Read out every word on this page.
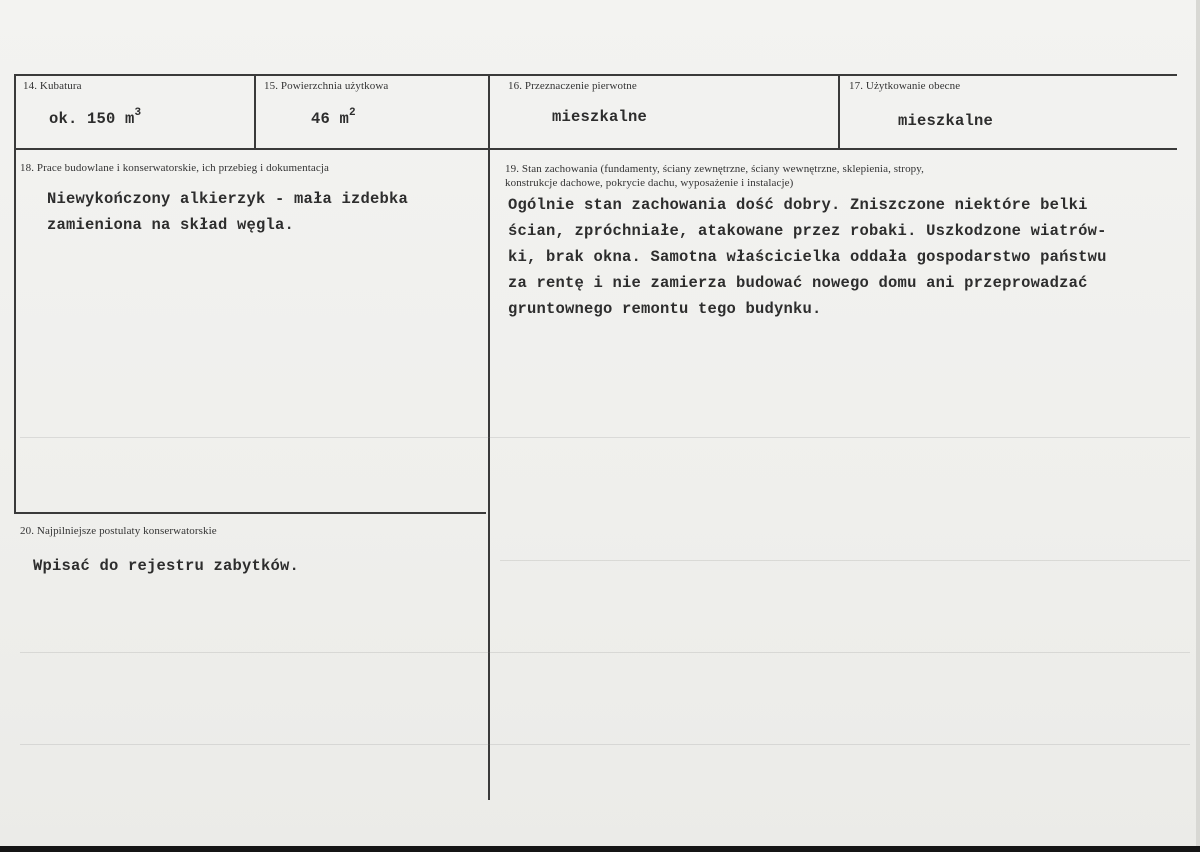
14. Kubatura
ok. 150 $m^3$
15. Powierzchnia użytkowa
46 $m^2$
16. Przeznaczenie pierwotne
mieszkalne
17. Użytkowanie obecne
mieszkalne
18. Prace budowlane i konserwatorskie, ich przebieg i dokumentacja
Niewykończony alkierzyk - mała izdebka
zamieniona na skład węgla.
19. Stan zachowania (fundamenty, ściany zewnętrzne, ściany wewnętrzne, sklepienia, stropy,
konstrukcje dachowe, pokrycie dachu, wyposażenie i instalacje)
Ogólnie stan zachowania dość dobry. Zniszczone niektóre belki
ścian, zpróchniałe, atakowane przez robaki. Uszkodzone wiatrów-
ki, brak okna. Samotna właścicielka oddała gospodarstwo państwu
za rentę i nie zamierza budować nowego domu ani przeprowadzać
gruntownego remontu tego budynku.
20. Najpilniejsze postulaty konserwatorskie
Wpisać do rejestru zabytków.
